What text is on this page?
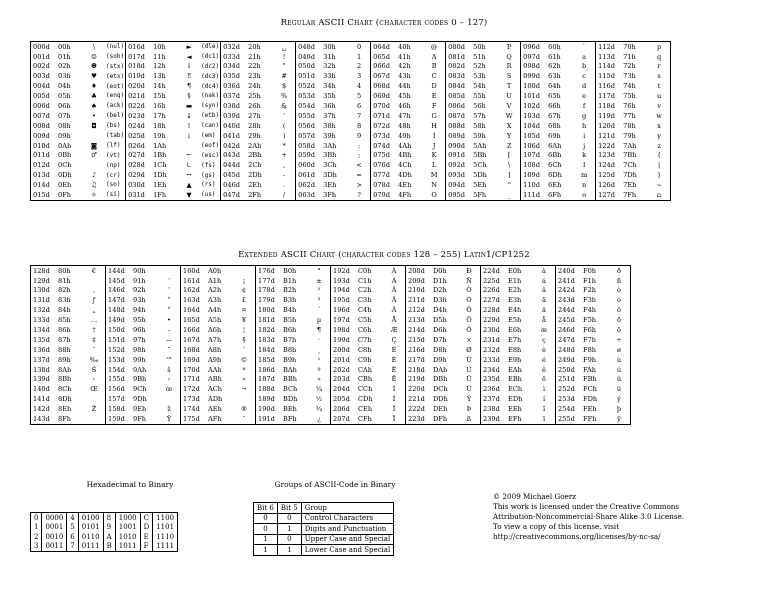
Regular ASCII Chart (character codes 0 – 127)
000d	00h	\	(nul)	016d	10h	►	(dle)	032d	20h	␣	048d	30h	0	064d	40h	@	080d	50h	P	096d	60h	`	112d	70h	p
001d	01h	☺	(soh)	017d	11h	◄	(dc1)	033d	21h	!	049d	31h	1	065d	41h	A	081d	51h	Q	097d	61h	a	113d	71h	q
002d	02h	☻	(stx)	018d	12h	↕	(dc2)	034d	22h	"	050d	32h	2	066d	42h	B	082d	52h	R	098d	62h	b	114d	72h	r
003d	03h	♥	(etx)	019d	13h	‼	(dc3)	035d	23h	#	051d	33h	3	067d	43h	C	083d	53h	S	099d	63h	c	115d	73h	s
004d	04h	♦	(eot)	020d	14h	¶	(dc4)	036d	24h	$	052d	34h	4	068d	44h	D	084d	54h	T	100d	64h	d	116d	74h	t
005d	05h	♣	(enq)	021d	15h	§	(nak)	037d	25h	%	053d	35h	5	069d	45h	E	085d	55h	U	101d	65h	e	117d	75h	u
006d	06h	♠	(ack)	022d	16h	▬	(syn)	038d	26h	&	054d	36h	6	070d	46h	F	086d	56h	V	102d	66h	f	118d	76h	v
007d	07h	•	(bel)	023d	17h	↨	(etb)	039d	27h	'	055d	37h	7	071d	47h	G	087d	57h	W	103d	67h	g	119d	77h	w
008d	08h	◘	(bs)	024d	18h	↑	(can)	040d	28h	(	056d	38h	8	072d	48h	H	088d	58h	X	104d	68h	h	120d	78h	x
009d	09h		(tab)	025d	19h	↓	(em)	041d	29h	)	057d	39h	9	073d	49h	I	089d	59h	Y	105d	69h	i	121d	79h	y
010d	0Ah	◙	(lf)	026d	1Ah		(eof)	042d	2Ah	*	058d	3Ah	:	074d	4Ah	J	090d	5Ah	Z	106d	6Ah	j	122d	7Ah	z
011d	0Bh	♂	(vt)	027d	1Bh	←	(esc)	043d	2Bh	+	059d	3Bh	;	075d	4Bh	K	091d	5Bh	[	107d	6Bh	k	123d	7Bh	{
012d	0Ch		(np)	028d	1Ch	∟	(fs)	044d	2Ch	,	060d	3Ch	<	076d	4Ch	L	092d	5Ch	\	108d	6Ch	l	124d	7Ch	|
013d	0Dh	♪	(cr)	029d	1Dh	↔	(gs)	045d	2Dh	-	061d	3Dh	=	077d	4Dh	M	093d	5Dh	]	109d	6Dh	m	125d	7Dh	}
014d	0Eh	♫	(so)	030d	1Eh	▲	(rs)	046d	2Eh	.	062d	3Eh	>	078d	4Eh	N	094d	5Eh	^	110d	6Eh	n	126d	7Eh	~
015d	0Fh	☼	(si)	031d	1Fh	▼	(us)	047d	2Fh	/	063d	3Fh	?	079d	4Fh	O	095d	5Fh	_	111d	6Fh	o	127d	7Fh	⌂
Extended ASCII Chart (character codes 128 – 255) Latin1/CP1252
128d	80h	€	144d	90h		160d	A0h		176d	B0h	°	192d	C0h	À	208d	D0h	Đ	224d	E0h	à	240d	F0h	ð
129d	81h		145d	91h	‘	161d	A1h	¡	177d	B1h	±	193d	C1h	Á	209d	D1h	Ñ	225d	E1h	á	241d	F1h	ñ
130d	82h	‚	146d	92h	’	162d	A2h	¢	178d	B2h	²	194d	C2h	Â	210d	D2h	Ò	226d	E2h	â	242d	F2h	ò
131d	83h	ƒ	147d	93h	“	163d	A3h	£	179d	B3h	³	195d	C3h	Ã	211d	D3h	Ó	227d	E3h	ã	243d	F3h	ó
132d	84h	„	148d	94h	”	164d	A4h	¤	180d	B4h	´	196d	C4h	Ä	212d	D4h	Ô	228d	E4h	ä	244d	F4h	ô
133d	85h	…	149d	95h	•	165d	A5h	¥	181d	B5h	µ	197d	C5h	Å	213d	D5h	Õ	229d	E5h	å	245d	F5h	õ
134d	86h	†	150d	96h	–	166d	A6h	¦	182d	B6h	¶	198d	C6h	Æ	214d	D6h	Ö	230d	E6h	æ	246d	F6h	ö
135d	87h	‡	151d	97h	—	167d	A7h	§	183d	B7h	·	199d	C7h	Ç	215d	D7h	×	231d	E7h	ç	247d	F7h	÷
136d	88h	ˆ	152d	98h	˜	168d	A8h	¨	184d	B8h	¸	200d	C8h	È	216d	D8h	Ø	232d	E8h	è	248d	F8h	ø
137d	89h	‰	153d	99h	™	169d	A9h	©	185d	B9h	¹	201d	C9h	É	217d	D9h	Ù	233d	E9h	é	249d	F9h	ù
138d	8Ah	Š	154d	9Ah	š	170d	AAh	ª	186d	BAh	º	202d	CAh	Ê	218d	DAh	Ú	234d	EAh	ê	250d	FAh	ú
139d	8Bh	‹	155d	9Bh	›	171d	ABh	«	187d	BBh	»	203d	CBh	Ë	219d	DBh	Û	235d	EBh	ë	251d	FBh	û
140d	8Ch	Œ	156d	9Ch	œ	172d	ACh	¬	188d	BCh	¼	204d	CCh	Ì	220d	DCh	Ü	236d	ECh	ì	252d	FCh	ü
141d	8Dh		157d	9Dh		173d	ADh		189d	BDh	½	205d	CDh	Í	221d	DDh	Ý	237d	EDh	í	253d	FDh	ý
142d	8Eh	Ž	158d	9Eh	ž	174d	AEh	®	190d	BEh	¾	206d	CEh	Î	222d	DEh	Þ	238d	EEh	î	254d	FEh	þ
143d	8Fh		159d	9Fh	Ÿ	175d	AFh	¯	191d	BFh	¿	207d	CFh	Ï	223d	DFh	ß	239d	EFh	ï	255d	FFh	ÿ
Hexadecimal to Binary
0	0000	4	0100	8	1000	C	1100
1	0001	5	0101	9	1001	D	1101
2	0010	6	0110	A	1010	E	1110
3	0011	7	0111	B	1011	F	1111
Groups of ASCII-Code in Binary
Bit 6	Bit 5	Group
0	0	Control Characters
0	1	Digits and Punctuation
1	0	Upper Case and Special
1	1	Lower Case and Special
© 2009 Michael Goerz
This work is licensed under the Creative Commons
Attribution-Noncommercial-Share Alike 3.0 License.
To view a copy of this license, visit
http://creativecommons.org/licenses/by-nc-sa/
